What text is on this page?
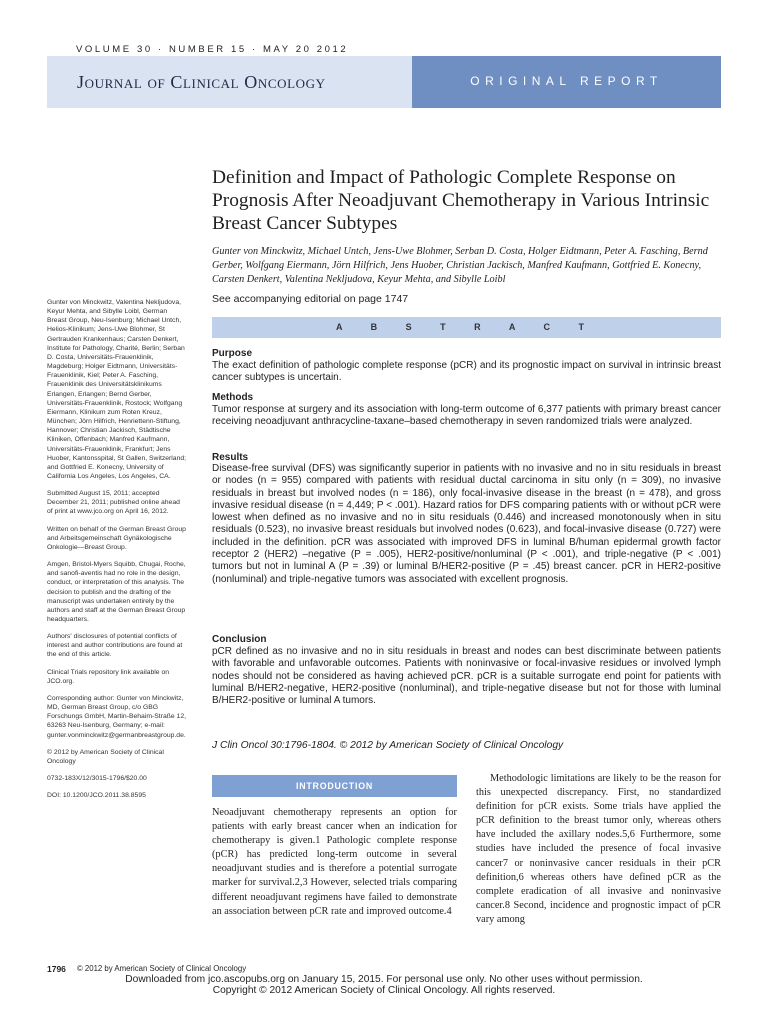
VOLUME 30 · NUMBER 15 · MAY 20 2012
Journal of Clinical Oncology	ORIGINAL REPORT
Definition and Impact of Pathologic Complete Response on Prognosis After Neoadjuvant Chemotherapy in Various Intrinsic Breast Cancer Subtypes
Gunter von Minckwitz, Michael Untch, Jens-Uwe Blohmer, Serban D. Costa, Holger Eidtmann, Peter A. Fasching, Bernd Gerber, Wolfgang Eiermann, Jörn Hilfrich, Jens Huober, Christian Jackisch, Manfred Kaufmann, Gottfried E. Konecny, Carsten Denkert, Valentina Nekljudova, Keyur Mehta, and Sibylle Loibl
See accompanying editorial on page 1747
A B S T R A C T
Purpose
The exact definition of pathologic complete response (pCR) and its prognostic impact on survival in intrinsic breast cancer subtypes is uncertain.
Methods
Tumor response at surgery and its association with long-term outcome of 6,377 patients with primary breast cancer receiving neoadjuvant anthracycline-taxane–based chemotherapy in seven randomized trials were analyzed.
Results
Disease-free survival (DFS) was significantly superior in patients with no invasive and no in situ residuals in breast or nodes (n = 955) compared with patients with residual ductal carcinoma in situ only (n = 309), no invasive residuals in breast but involved nodes (n = 186), only focal-invasive disease in the breast (n = 478), and gross invasive residual disease (n = 4,449; P < .001). Hazard ratios for DFS comparing patients with or without pCR were lowest when defined as no invasive and no in situ residuals (0.446) and increased monotonously when in situ residuals (0.523), no invasive breast residuals but involved nodes (0.623), and focal-invasive disease (0.727) were included in the definition. pCR was associated with improved DFS in luminal B/human epidermal growth factor receptor 2 (HER2) –negative (P = .005), HER2-positive/nonluminal (P < .001), and triple-negative (P < .001) tumors but not in luminal A (P = .39) or luminal B/HER2-positive (P = .45) breast cancer. pCR in HER2-positive (nonluminal) and triple-negative tumors was associated with excellent prognosis.
Conclusion
pCR defined as no invasive and no in situ residuals in breast and nodes can best discriminate between patients with favorable and unfavorable outcomes. Patients with noninvasive or focal-invasive residues or involved lymph nodes should not be considered as having achieved pCR. pCR is a suitable surrogate end point for patients with luminal B/HER2-negative, HER2-positive (nonluminal), and triple-negative disease but not for those with luminal B/HER2-positive or luminal A tumors.
J Clin Oncol 30:1796-1804. © 2012 by American Society of Clinical Oncology
INTRODUCTION
Neoadjuvant chemotherapy represents an option for patients with early breast cancer when an indication for chemotherapy is given.1 Pathologic complete response (pCR) has predicted long-term outcome in several neoadjuvant studies and is therefore a potential surrogate marker for survival.2,3 However, selected trials comparing different neoadjuvant regimens have failed to demonstrate an association between pCR rate and improved outcome.4
Methodologic limitations are likely to be the reason for this unexpected discrepancy. First, no standardized definition for pCR exists. Some trials have applied the pCR definition to the breast tumor only, whereas others have included the axillary nodes.5,6 Furthermore, some studies have included the presence of focal invasive cancer7 or noninvasive cancer residuals in their pCR definition,6 whereas others have defined pCR as the complete eradication of all invasive and noninvasive cancer.8 Second, incidence and prognostic impact of pCR vary among

Gunter von Minckwitz, Valentina Nekljudova, Keyur Mehta, and Sibylle Loibl, German Breast Group, Neu-Isenburg; Michael Untch, Helios-Klinikum; Jens-Uwe Blohmer, St Gertrauden Krankenhaus; Carsten Denkert, Institute for Pathology, Charité, Berlin; Serban D. Costa, Universitäts-Frauenklinik, Magdeburg; Holger Eidtmann, Universitäts-Frauenklinik, Kiel; Peter A. Fasching, Frauenklinik des Universitätsklinikums Erlangen, Erlangen; Bernd Gerber, Universitäts-Frauenklinik, Rostock; Wolfgang Eiermann, Klinikum zum Roten Kreuz, München; Jörn Hilfrich, Henriettenn-Stiftung, Hannover; Christian Jackisch, Städtische Kliniken, Offenbach; Manfred Kaufmann, Universitäts-Frauenklinik, Frankfurt; Jens Huober, Kantonsspital, St Gallen, Switzerland; and Gottfried E. Konecny, University of California Los Angeles, Los Angeles, CA.

Submitted August 15, 2011; accepted December 21, 2011; published online ahead of print at www.jco.org on April 16, 2012.

Written on behalf of the German Breast Group and Arbeitsgemeinschaft Gynäkologische Onkologie—Breast Group.

Amgen, Bristol-Myers Squibb, Chugai, Roche, and sanofi-aventis had no role in the design, conduct, or interpretation of this analysis. The decision to publish and the drafting of the manuscript was undertaken entirely by the authors and staff at the German Breast Group headquarters.

Authors' disclosures of potential conflicts of interest and author contributions are found at the end of this article.

Clinical Trials repository link available on JCO.org.

Corresponding author: Gunter von Minckwitz, MD, German Breast Group, c/o GBG Forschungs GmbH, Martin-Behaim-Straße 12, 63263 Neu-Isenburg, Germany; e-mail: gunter.vonminckwitz@germanbreastgroup.de.

© 2012 by American Society of Clinical Oncology

0732-183X/12/3015-1796/$20.00

DOI: 10.1200/JCO.2011.38.8595

1796 © 2012 by American Society of Clinical Oncology
Downloaded from jco.ascopubs.org on January 15, 2015. For personal use only. No other uses without permission.
Copyright © 2012 American Society of Clinical Oncology. All rights reserved.
